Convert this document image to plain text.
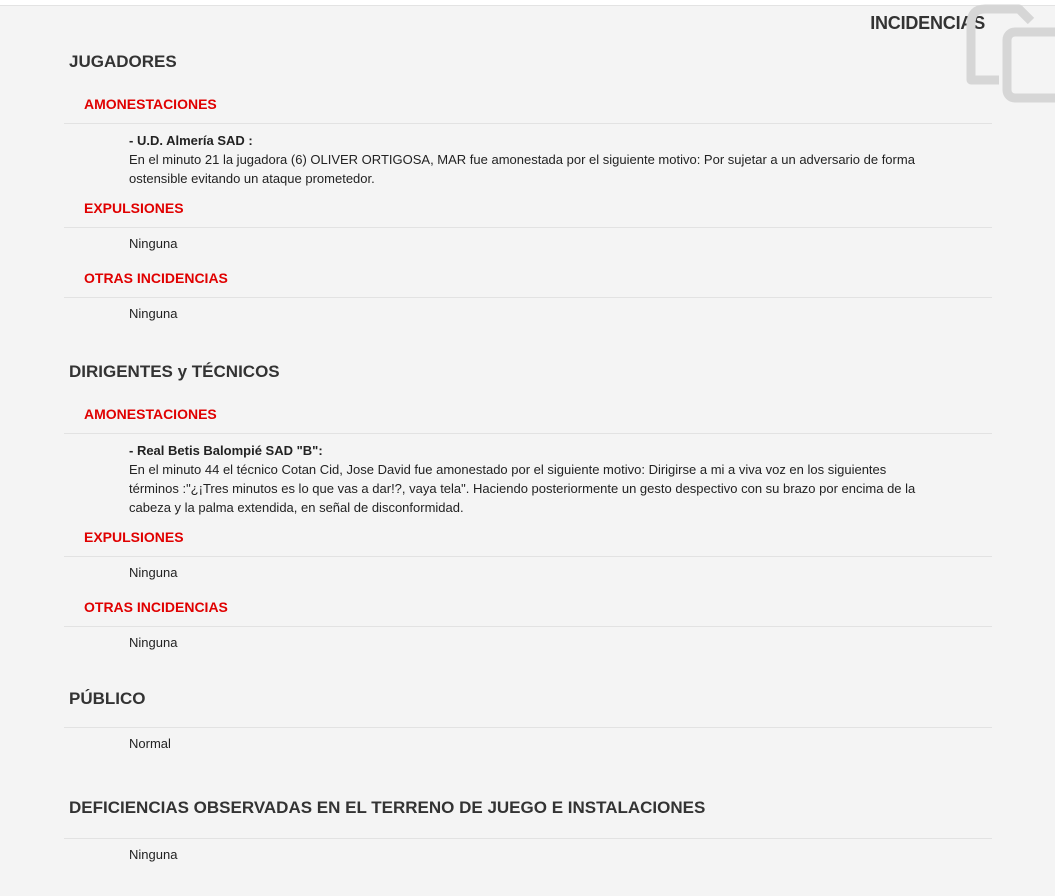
INCIDENCIAS
JUGADORES
AMONESTACIONES
- U.D. Almería SAD :
En el minuto 21 la jugadora (6) OLIVER ORTIGOSA, MAR fue amonestada por el siguiente motivo: Por sujetar a un adversario de forma ostensible evitando un ataque prometedor.
EXPULSIONES
Ninguna
OTRAS INCIDENCIAS
Ninguna
DIRIGENTES y TÉCNICOS
AMONESTACIONES
- Real Betis Balompié SAD "B":
En el minuto 44 el técnico Cotan Cid, Jose David fue amonestado por el siguiente motivo: Dirigirse a mi a viva voz en los siguientes términos :"¿¡Tres minutos es lo que vas a dar!?, vaya tela". Haciendo posteriormente un gesto despectivo con su brazo por encima de la cabeza y la palma extendida, en señal de disconformidad.
EXPULSIONES
Ninguna
OTRAS INCIDENCIAS
Ninguna
PÚBLICO
Normal
DEFICIENCIAS OBSERVADAS EN EL TERRENO DE JUEGO E INSTALACIONES
Ninguna
